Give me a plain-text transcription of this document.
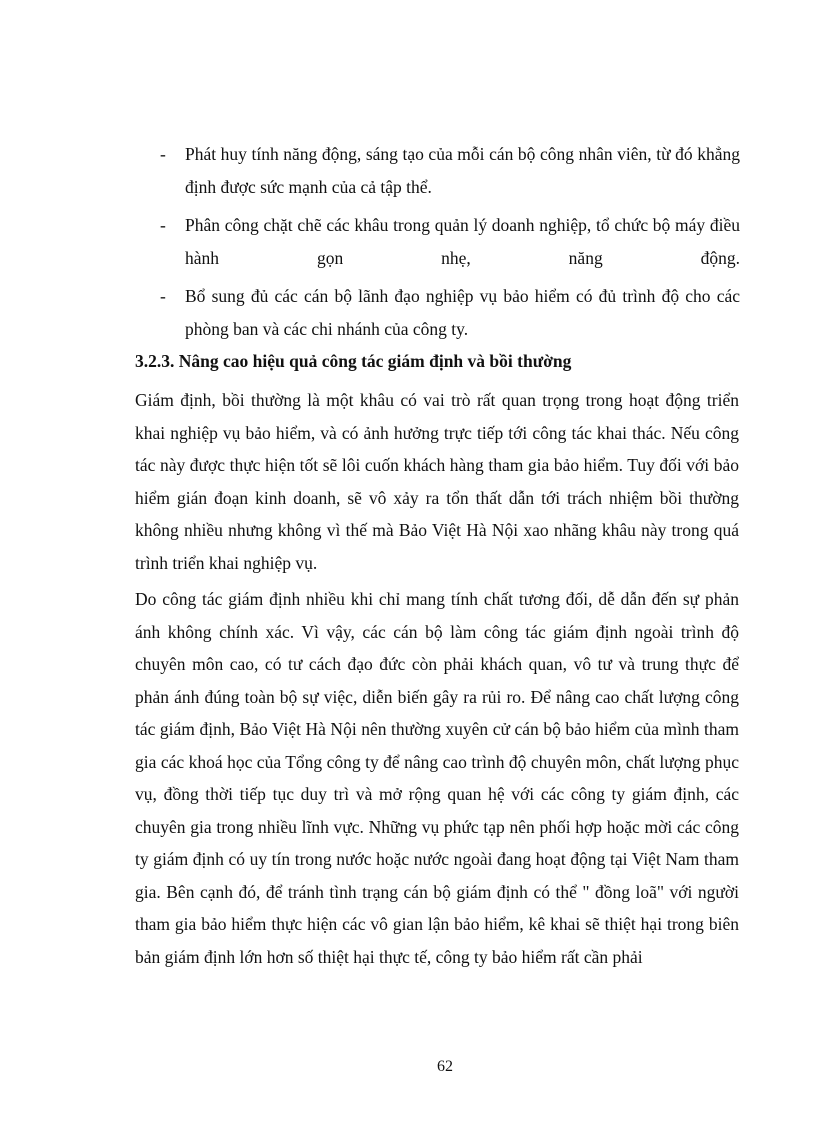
- Phát huy tính năng động, sáng tạo của mỗi cán bộ công nhân viên, từ đó khẳng định được sức mạnh của cả tập thể.
- Phân công chặt chẽ các khâu trong quản lý doanh nghiệp, tổ chức bộ máy điều hành gọn nhẹ, năng động.
- Bổ sung đủ các cán bộ lãnh đạo nghiệp vụ bảo hiểm có đủ trình độ cho các phòng ban và các chi nhánh của công ty.
3.2.3. Nâng cao hiệu quả công tác giám định và bồi thường

Giám định, bồi thường là một khâu có vai trò rất quan trọng trong hoạt động triển khai nghiệp vụ bảo hiểm, và có ảnh hưởng trực tiếp tới công tác khai thác. Nếu công tác này được thực hiện tốt sẽ lôi cuốn khách hàng tham gia bảo hiểm. Tuy đối với bảo hiểm gián đoạn kinh doanh, sẽ vô xảy ra tổn thất dẫn tới trách nhiệm bồi thường không nhiều nhưng không vì thế mà Bảo Việt Hà Nội xao nhãng khâu này trong quá trình triển khai nghiệp vụ.

Do công tác giám định nhiều khi chỉ mang tính chất tương đối, dễ dẫn đến sự phản ánh không chính xác. Vì vậy, các cán bộ làm công tác giám định ngoài trình độ chuyên môn cao, có tư cách đạo đức còn phải khách quan, vô tư và trung thực để phản ánh đúng toàn bộ sự việc, diễn biến gây ra rủi ro. Để nâng cao chất lượng công tác giám định, Bảo Việt Hà Nội nên thường xuyên cử cán bộ bảo hiểm của mình tham gia các khoá học của Tổng công ty để nâng cao trình độ chuyên môn, chất lượng phục vụ, đồng thời tiếp tục duy trì và mở rộng quan hệ với các công ty giám định, các chuyên gia trong nhiều lĩnh vực. Những vụ phức tạp nên phối hợp hoặc mời các công ty giám định có uy tín trong nước hoặc nước ngoài đang hoạt động tại Việt Nam tham gia. Bên cạnh đó, để tránh tình trạng cán bộ giám định có thể " đồng loã" với người tham gia bảo hiểm thực hiện các vô gian lận bảo hiểm, kê khai sẽ thiệt hại trong biên bản giám định lớn hơn số thiệt hại thực tế, công ty bảo hiểm rất cần phải

62
